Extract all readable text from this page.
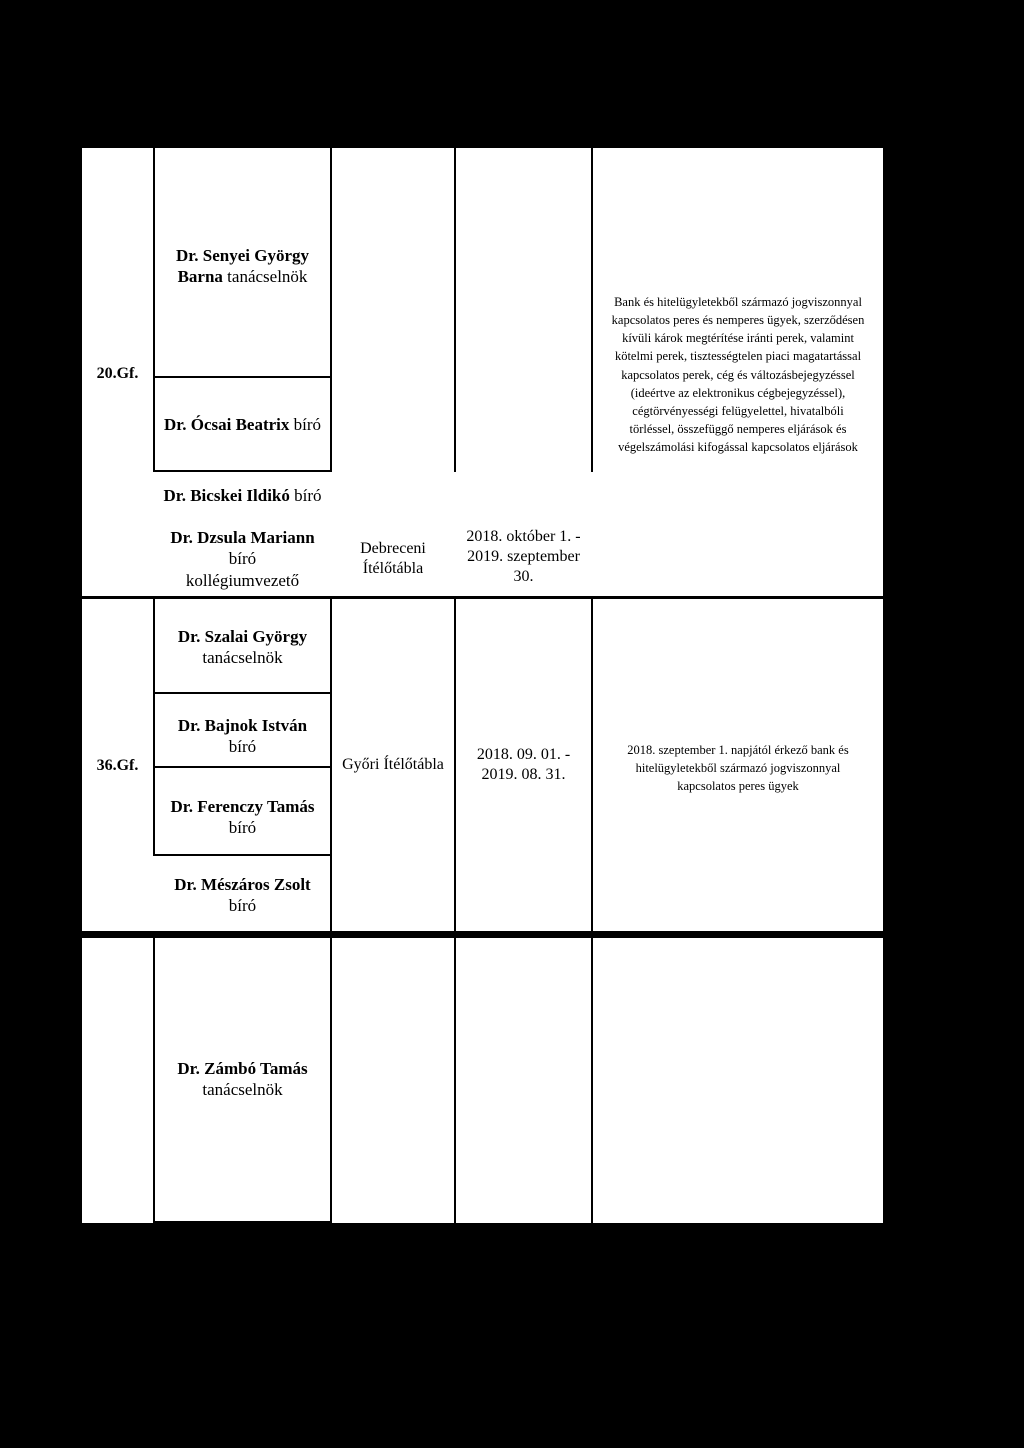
20.Gf.
Dr. Senyei György
Barna tanácselnök
Dr. Ócsai Beatrix bíró
Dr. Bicskei Ildikó bíró
Dr. Dzsula Mariann
bíró
kollégiumvezető
Debreceni
Ítélőtábla
2018. október 1. -
2019. szeptember
30.
Bank és hitelügyletekből származó jogviszonnyal
kapcsolatos peres és nemperes ügyek, szerződésen
kívüli károk megtérítése iránti perek, valamint
kötelmi perek, tisztességtelen piaci magatartással
kapcsolatos perek, cég és változásbejegyzéssel
(ideértve az elektronikus cégbejegyzéssel),
cégtörvényességi felügyelettel, hivatalbóli
törléssel, összefüggő nemperes eljárások és
végelszámolási kifogással kapcsolatos eljárások
36.Gf.
Dr. Szalai György
tanácselnök
Dr. Bajnok István
bíró
Dr. Ferenczy Tamás
bíró
Dr. Mészáros Zsolt
bíró
Győri Ítélőtábla
2018. 09. 01. -
2019. 08. 31.
2018. szeptember 1. napjától érkező bank és
hitelügyletekből származó jogviszonnyal
kapcsolatos peres ügyek
Dr. Zámbó Tamás
tanácselnök
